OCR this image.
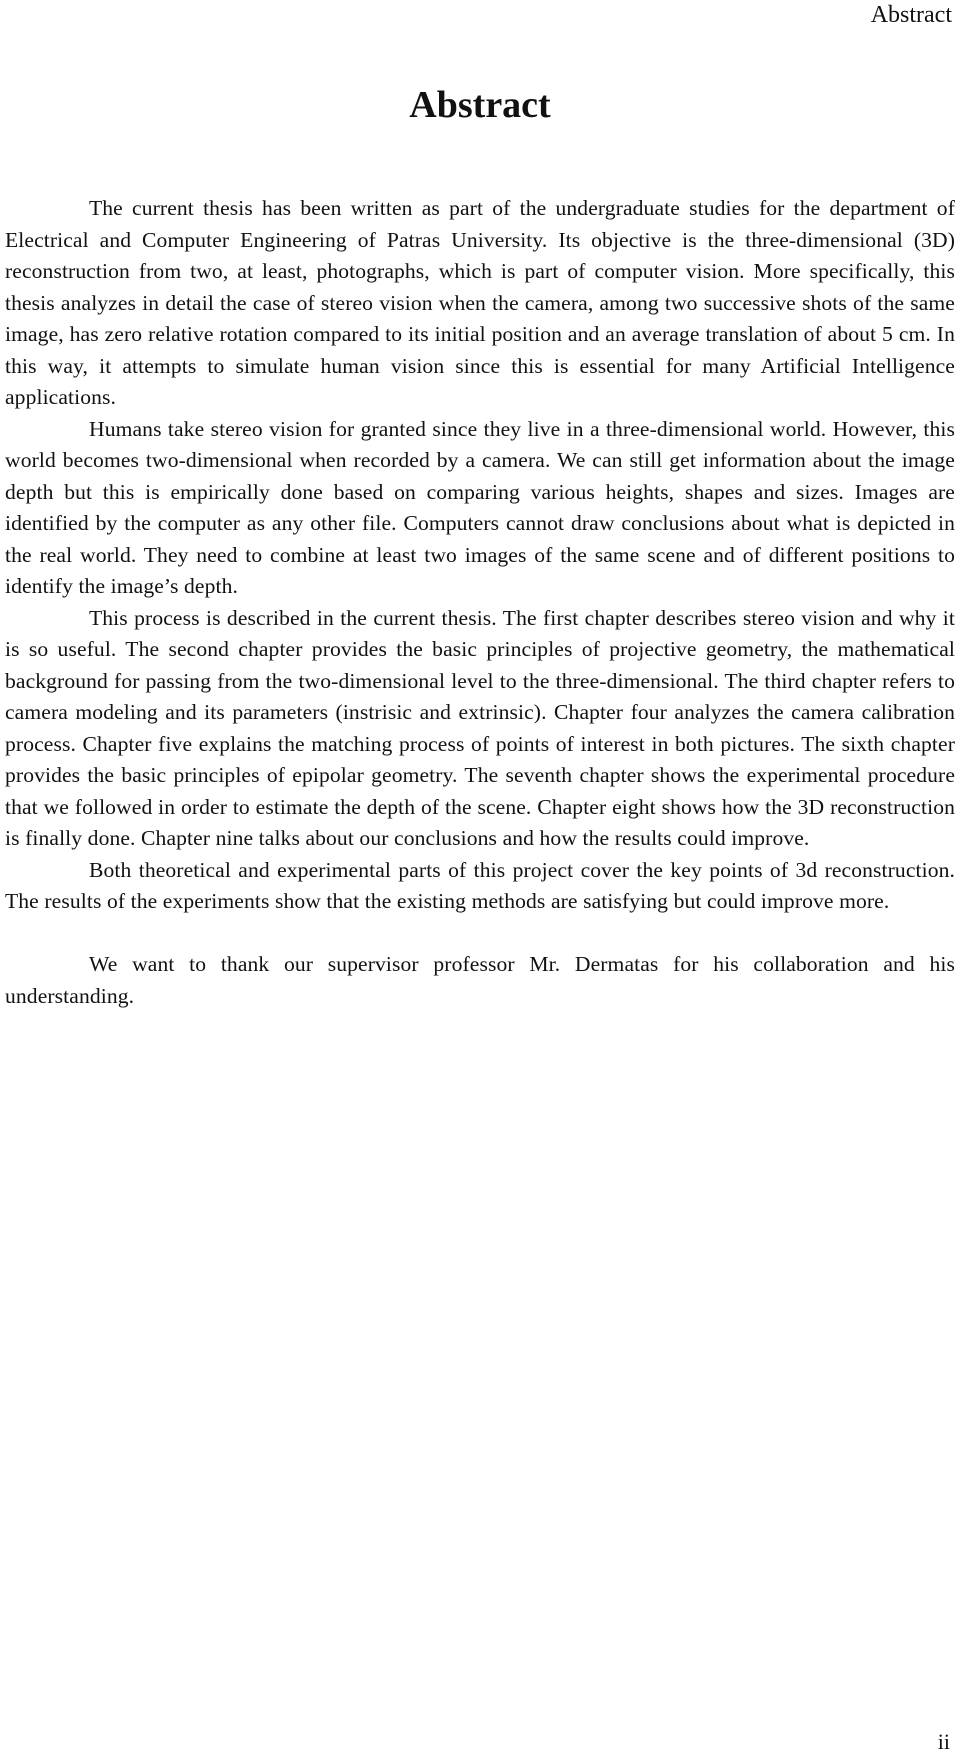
Abstract
Abstract

The current thesis has been written as part of the undergraduate studies for the department of Electrical and Computer Engineering of Patras University. Its objective is the three-dimensional (3D) reconstruction from two, at least, photographs, which is part of computer vision. More specifically, this thesis analyzes in detail the case of stereo vision when the camera, among two successive shots of the same image, has zero relative rotation compared to its initial position and an average translation of about 5 cm. In this way, it attempts to simulate human vision since this is essential for many Artificial Intelligence applications.

Humans take stereo vision for granted since they live in a three-dimensional world. However, this world becomes two-dimensional when recorded by a camera. We can still get information about the image depth but this is empirically done based on comparing various heights, shapes and sizes. Images are identified by the computer as any other file. Computers cannot draw conclusions about what is depicted in the real world. They need to combine at least two images of the same scene and of different positions to identify the image’s depth.

This process is described in the current thesis. The first chapter describes stereo vision and why it is so useful. The second chapter provides the basic principles of projective geometry, the mathematical background for passing from the two-dimensional level to the three-dimensional. The third chapter refers to camera modeling and its parameters (instrisic and extrinsic). Chapter four analyzes the camera calibration process. Chapter five explains the matching process of points of interest in both pictures. The sixth chapter provides the basic principles of epipolar geometry. The seventh chapter shows the experimental procedure that we followed in order to estimate the depth of the scene. Chapter eight shows how the 3D reconstruction is finally done. Chapter nine talks about our conclusions and how the results could improve.

Both theoretical and experimental parts of this project cover the key points of 3d reconstruction. The results of the experiments show that the existing methods are satisfying but could improve more.

We want to thank our supervisor professor Mr. Dermatas for his collaboration and his understanding.

ii
